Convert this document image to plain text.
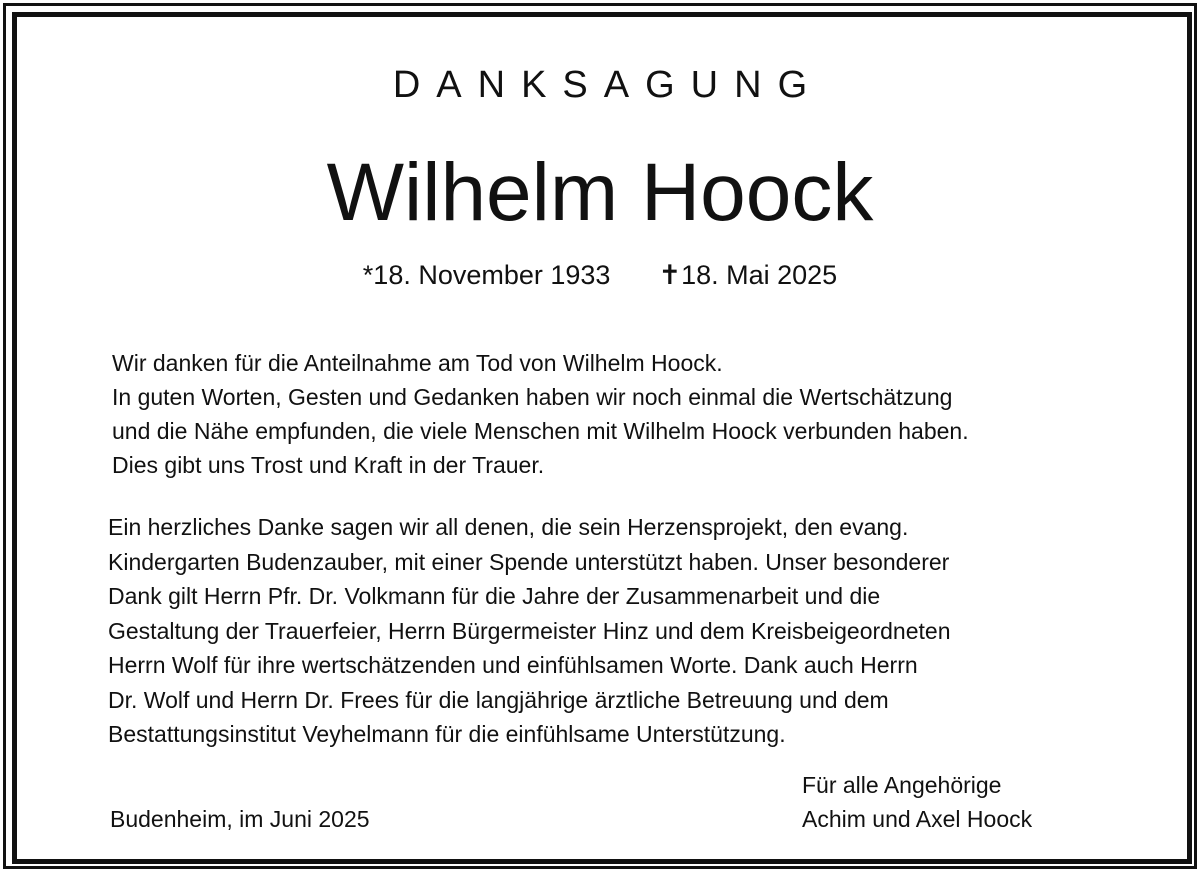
DANKSAGUNG
Wilhelm Hoock
*18. November 1933 ✝18. Mai 2025
Wir danken für die Anteilnahme am Tod von Wilhelm Hoock.
In guten Worten, Gesten und Gedanken haben wir noch einmal die Wertschätzung
und die Nähe empfunden, die viele Menschen mit Wilhelm Hoock verbunden haben.
Dies gibt uns Trost und Kraft in der Trauer.
Ein herzliches Danke sagen wir all denen, die sein Herzensprojekt, den evang.
Kindergarten Budenzauber, mit einer Spende unterstützt haben. Unser besonderer
Dank gilt Herrn Pfr. Dr. Volkmann für die Jahre der Zusammenarbeit und die
Gestaltung der Trauerfeier, Herrn Bürgermeister Hinz und dem Kreisbeigeordneten
Herrn Wolf für ihre wertschätzenden und einfühlsamen Worte. Dank auch Herrn
Dr. Wolf und Herrn Dr. Frees für die langjährige ärztliche Betreuung und dem
Bestattungsinstitut Veyhelmann für die einfühlsame Unterstützung.
Budenheim, im Juni 2025
Für alle Angehörige
Achim und Axel Hoock
